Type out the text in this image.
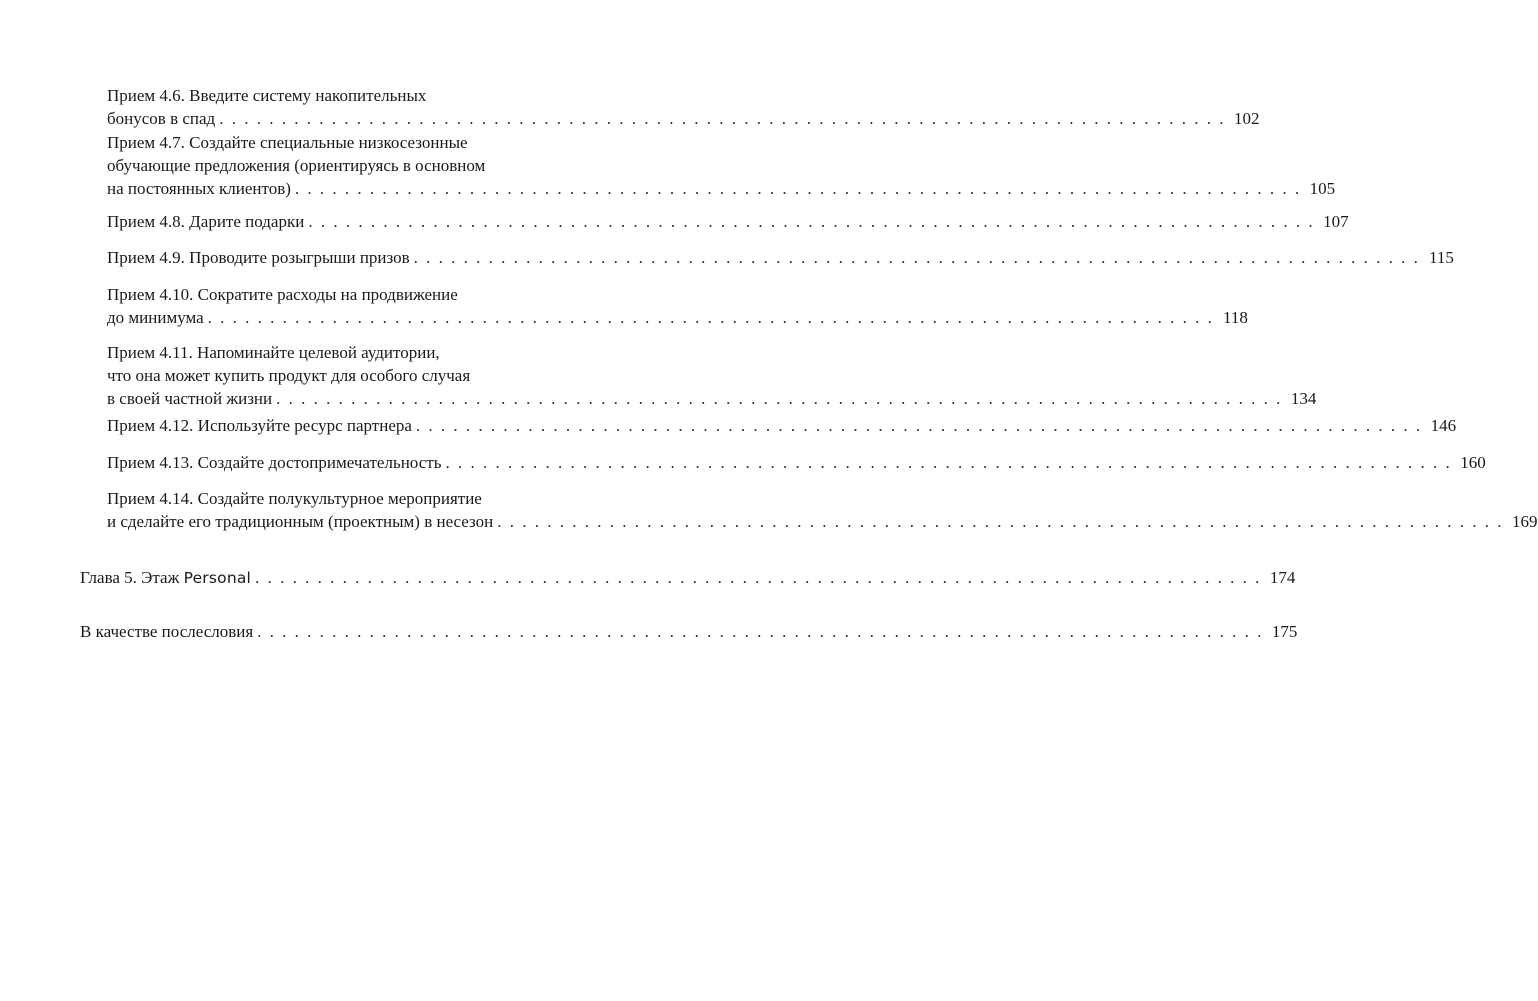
Прием 4.6. Введите систему накопительных
бонусов в спад . . . . . . . . . . . . . . . . . . . . . . . . . . . . . . . . . . . . . . . . . . . . . . . . . . . . . . . . . . . . . . . . . . . . . . . . . . . . . . . . . 102
Прием 4.7. Создайте специальные низкосезонные
обучающие предложения (ориентируясь в основном
на постоянных клиентов) . . . . . . . . . . . . . . . . . . . . . . . . . . . . . . . . . . . . . . . . . . . . . . . . . . . . . . . . . . . . . . . . . . . . . . . . . . . . . . . . . 105
Прием 4.8. Дарите подарки . . . . . . . . . . . . . . . . . . . . . . . . . . . . . . . . . . . . . . . . . . . . . . . . . . . . . . . . . . . . . . . . . . . . . . . . . . . . . . . . . 107
Прием 4.9. Проводите розыгрыши призов . . . . . . . . . . . . . . . . . . . . . . . . . . . . . . . . . . . . . . . . . . . . . . . . . . . . . . . . . . . . . . . . . . . . . . . . . . . . . . . . . 115
Прием 4.10. Сократите расходы на продвижение
до минимума . . . . . . . . . . . . . . . . . . . . . . . . . . . . . . . . . . . . . . . . . . . . . . . . . . . . . . . . . . . . . . . . . . . . . . . . . . . . . . . . . 118
Прием 4.11. Напоминайте целевой аудитории,
что она может купить продукт для особого случая
в своей частной жизни . . . . . . . . . . . . . . . . . . . . . . . . . . . . . . . . . . . . . . . . . . . . . . . . . . . . . . . . . . . . . . . . . . . . . . . . . . . . . . . . . 134
Прием 4.12. Используйте ресурс партнера . . . . . . . . . . . . . . . . . . . . . . . . . . . . . . . . . . . . . . . . . . . . . . . . . . . . . . . . . . . . . . . . . . . . . . . . . . . . . . . . . 146
Прием 4.13. Создайте достопримечательность . . . . . . . . . . . . . . . . . . . . . . . . . . . . . . . . . . . . . . . . . . . . . . . . . . . . . . . . . . . . . . . . . . . . . . . . . . . . . . . . . 160
Прием 4.14. Создайте полукультурное мероприятие
и сделайте его традиционным (проектным) в несезон . . . . . . . . . . . . . . . . . . . . . . . . . . . . . . . . . . . . . . . . . . . . . . . . . . . . . . . . . . . . . . . . . . . . . . . . . . . . . . . . . 169
Глава 5. Этаж Personal . . . . . . . . . . . . . . . . . . . . . . . . . . . . . . . . . . . . . . . . . . . . . . . . . . . . . . . . . . . . . . . . . . . . . . . . . . . . . . . . . 174
В качестве послесловия . . . . . . . . . . . . . . . . . . . . . . . . . . . . . . . . . . . . . . . . . . . . . . . . . . . . . . . . . . . . . . . . . . . . . . . . . . . . . . . . . 175
